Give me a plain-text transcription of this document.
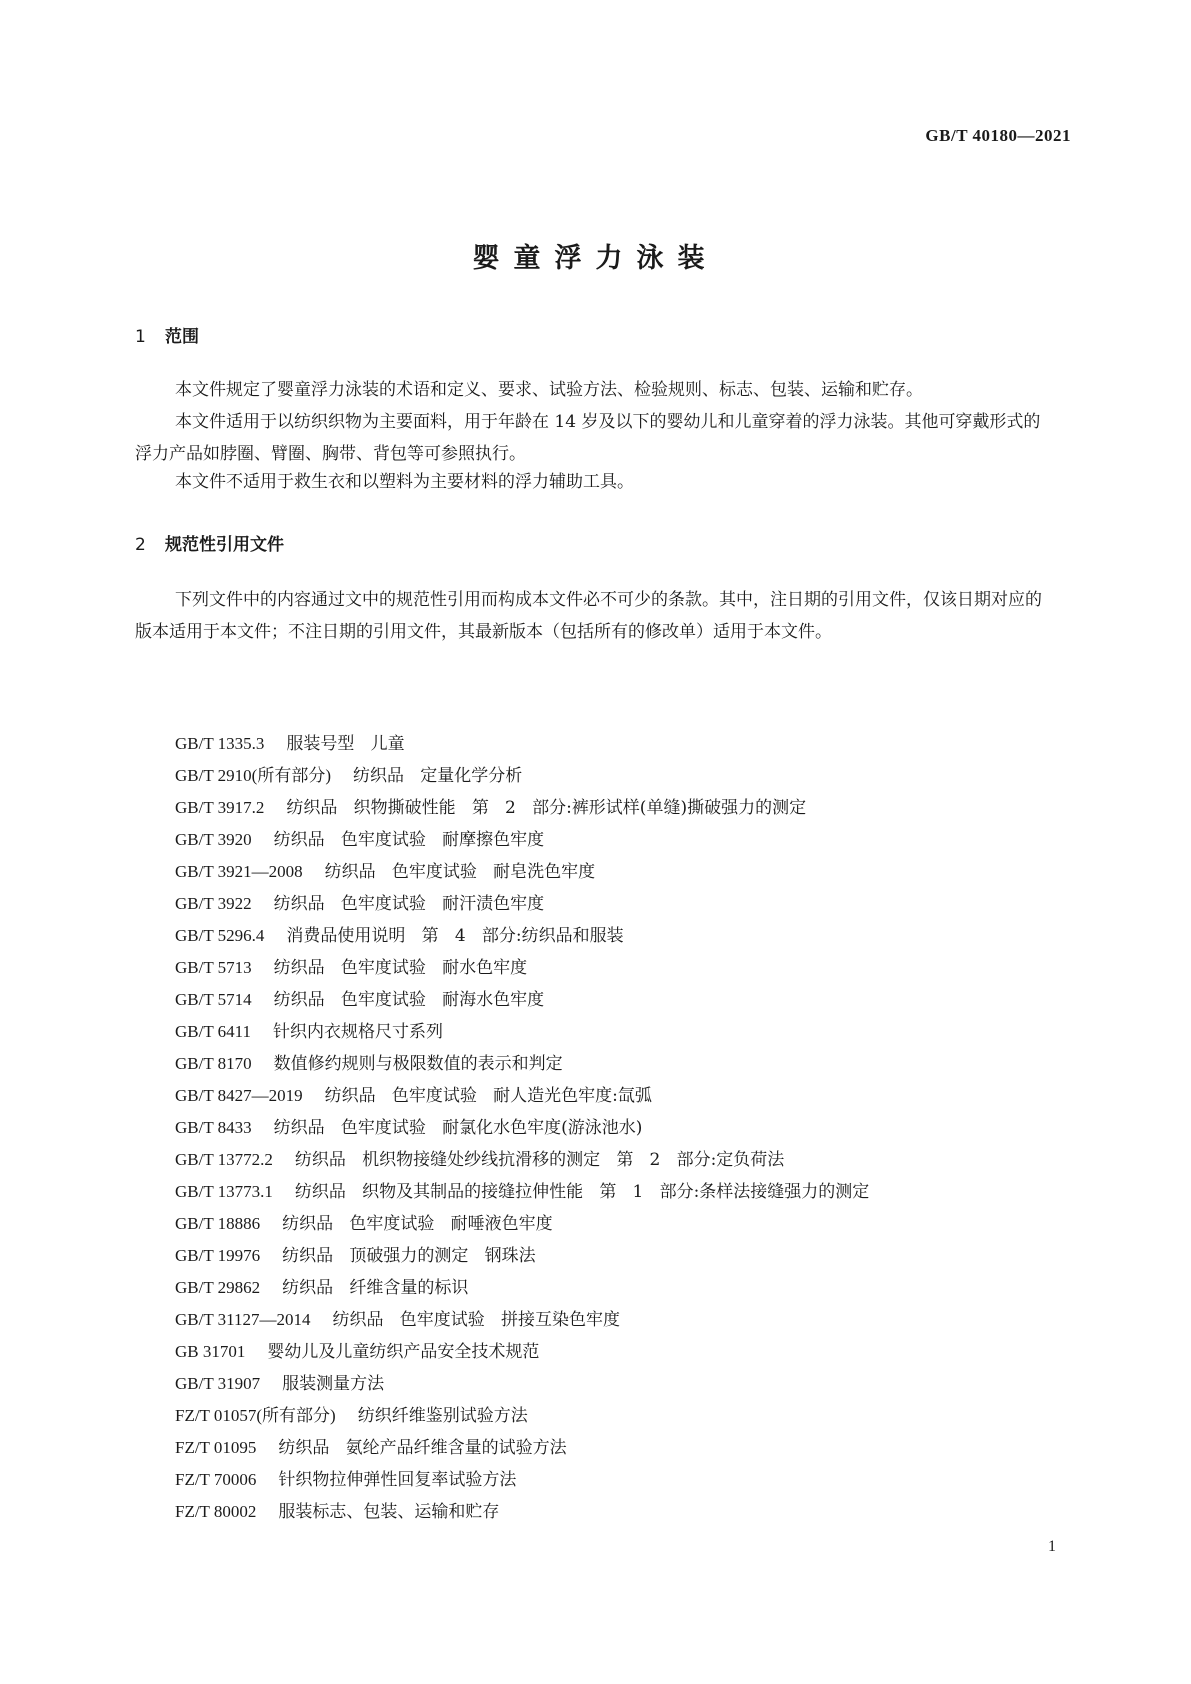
GB/T 40180—2021
婴童浮力泳装
1 范围

本文件规定了婴童浮力泳装的术语和定义、要求、试验方法、检验规则、标志、包装、运输和贮存。

本文件适用于以纺织织物为主要面料，用于年龄在 14 岁及以下的婴幼儿和儿童穿着的浮力泳装。其他可穿戴形式的浮力产品如脖圈、臂圈、胸带、背包等可参照执行。

本文件不适用于救生衣和以塑料为主要材料的浮力辅助工具。

2 规范性引用文件

下列文件中的内容通过文中的规范性引用而构成本文件必不可少的条款。其中，注日期的引用文件，仅该日期对应的版本适用于本文件；不注日期的引用文件，其最新版本（包括所有的修改单）适用于本文件。

GB/T 1335.3 服装号型   儿童
GB/T 2910(所有部分) 纺织品   定量化学分析
GB/T 3917.2 纺织品   织物撕破性能   第   2   部分:裤形试样(单缝)撕破强力的测定
GB/T 3920 纺织品   色牢度试验   耐摩擦色牢度
GB/T 3921—2008 纺织品   色牢度试验   耐皂洗色牢度
GB/T 3922 纺织品   色牢度试验   耐汗渍色牢度
GB/T 5296.4 消费品使用说明   第   4   部分:纺织品和服装
GB/T 5713 纺织品   色牢度试验   耐水色牢度
GB/T 5714 纺织品   色牢度试验   耐海水色牢度
GB/T 6411 针织内衣规格尺寸系列
GB/T 8170 数值修约规则与极限数值的表示和判定
GB/T 8427—2019 纺织品   色牢度试验   耐人造光色牢度:氙弧
GB/T 8433 纺织品   色牢度试验   耐氯化水色牢度(游泳池水)
GB/T 13772.2 纺织品   机织物接缝处纱线抗滑移的测定   第   2   部分:定负荷法
GB/T 13773.1 纺织品   织物及其制品的接缝拉伸性能   第   1   部分:条样法接缝强力的测定
GB/T 18886 纺织品   色牢度试验   耐唾液色牢度
GB/T 19976 纺织品   顶破强力的测定   钢珠法
GB/T 29862 纺织品   纤维含量的标识
GB/T 31127—2014 纺织品   色牢度试验   拼接互染色牢度
GB 31701 婴幼儿及儿童纺织产品安全技术规范
GB/T 31907 服装测量方法
FZ/T 01057(所有部分) 纺织纤维鉴别试验方法
FZ/T 01095 纺织品   氨纶产品纤维含量的试验方法
FZ/T 70006 针织物拉伸弹性回复率试验方法
FZ/T 80002 服装标志、包装、运输和贮存
1
